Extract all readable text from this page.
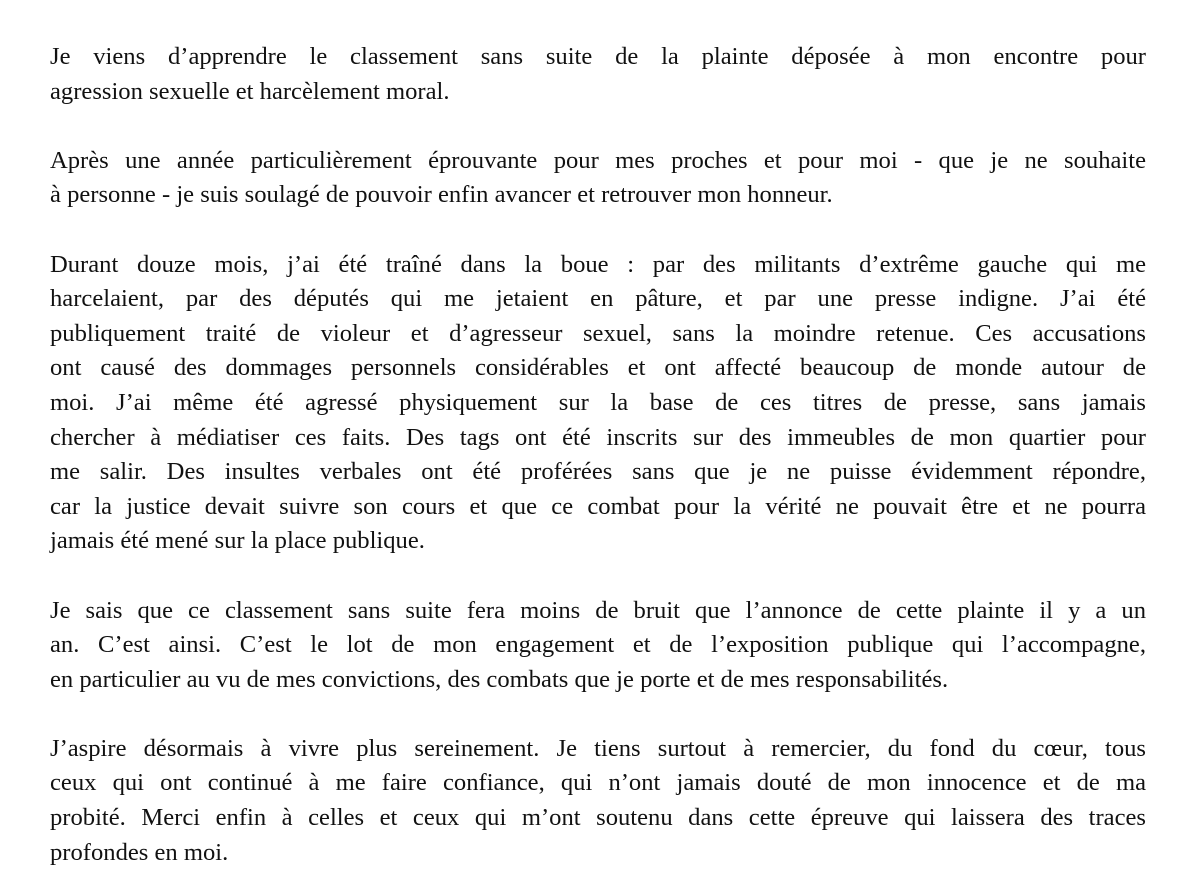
Je viens d’apprendre le classement sans suite de la plainte déposée à mon encontre pour
agression sexuelle et harcèlement moral.

Après une année particulièrement éprouvante pour mes proches et pour moi - que je ne souhaite
à personne - je suis soulagé de pouvoir enfin avancer et retrouver mon honneur.

Durant douze mois, j’ai été traîné dans la boue : par des militants d’extrême gauche qui me
harcelaient, par des députés qui me jetaient en pâture, et par une presse indigne. J’ai été
publiquement traité de violeur et d’agresseur sexuel, sans la moindre retenue. Ces accusations
ont causé des dommages personnels considérables et ont affecté beaucoup de monde autour de
moi. J’ai même été agressé physiquement sur la base de ces titres de presse, sans jamais
chercher à médiatiser ces faits. Des tags ont été inscrits sur des immeubles de mon quartier pour
me salir. Des insultes verbales ont été proférées sans que je ne puisse évidemment répondre,
car la justice devait suivre son cours et que ce combat pour la vérité ne pouvait être et ne pourra
jamais été mené sur la place publique.

Je sais que ce classement sans suite fera moins de bruit que l’annonce de cette plainte il y a un
an. C’est ainsi. C’est le lot de mon engagement et de l’exposition publique qui l’accompagne,
en particulier au vu de mes convictions, des combats que je porte et de mes responsabilités.

J’aspire désormais à vivre plus sereinement. Je tiens surtout à remercier, du fond du cœur, tous
ceux qui ont continué à me faire confiance, qui n’ont jamais douté de mon innocence et de ma
probité. Merci enfin à celles et ceux qui m’ont soutenu dans cette épreuve qui laissera des traces
profondes en moi.
